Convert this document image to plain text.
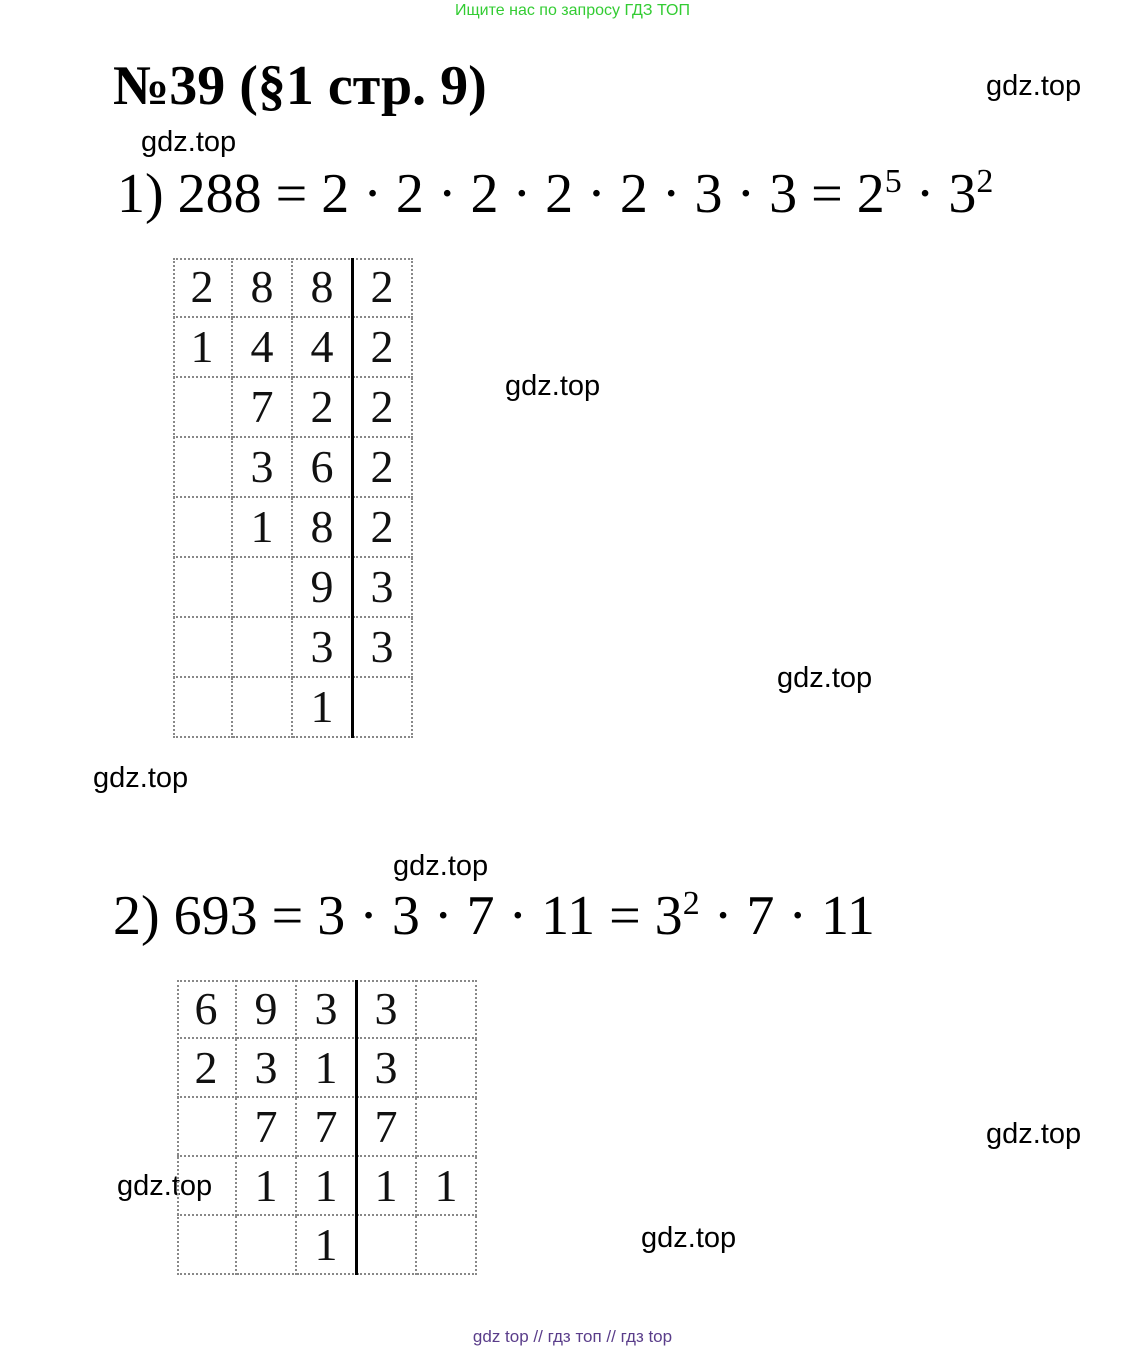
Ищите нас по запросу ГДЗ ТОП
№39 (§1 стр. 9)	gdz.top
gdz.top
gdz.top
gdz.top
gdz.top
gdz.top
gdz.top
gdz.top
gdz.top
1) $288 = 2 \cdot 2 \cdot 2 \cdot 2 \cdot 2 \cdot 3 \cdot 3 = 2^5 \cdot 3^2$
2 8 8 2
1 4 4 2
7 2 2
3 6 2
1 8 2
9 3
3 3
1
2) $693 = 3 \cdot 3 \cdot 7 \cdot 11 = 3^2 \cdot 7 \cdot 11$
6 9 3 3
2 3 1 3
7 7 7
1 1 1 1
1
gdz top // гдз топ // гдз top
